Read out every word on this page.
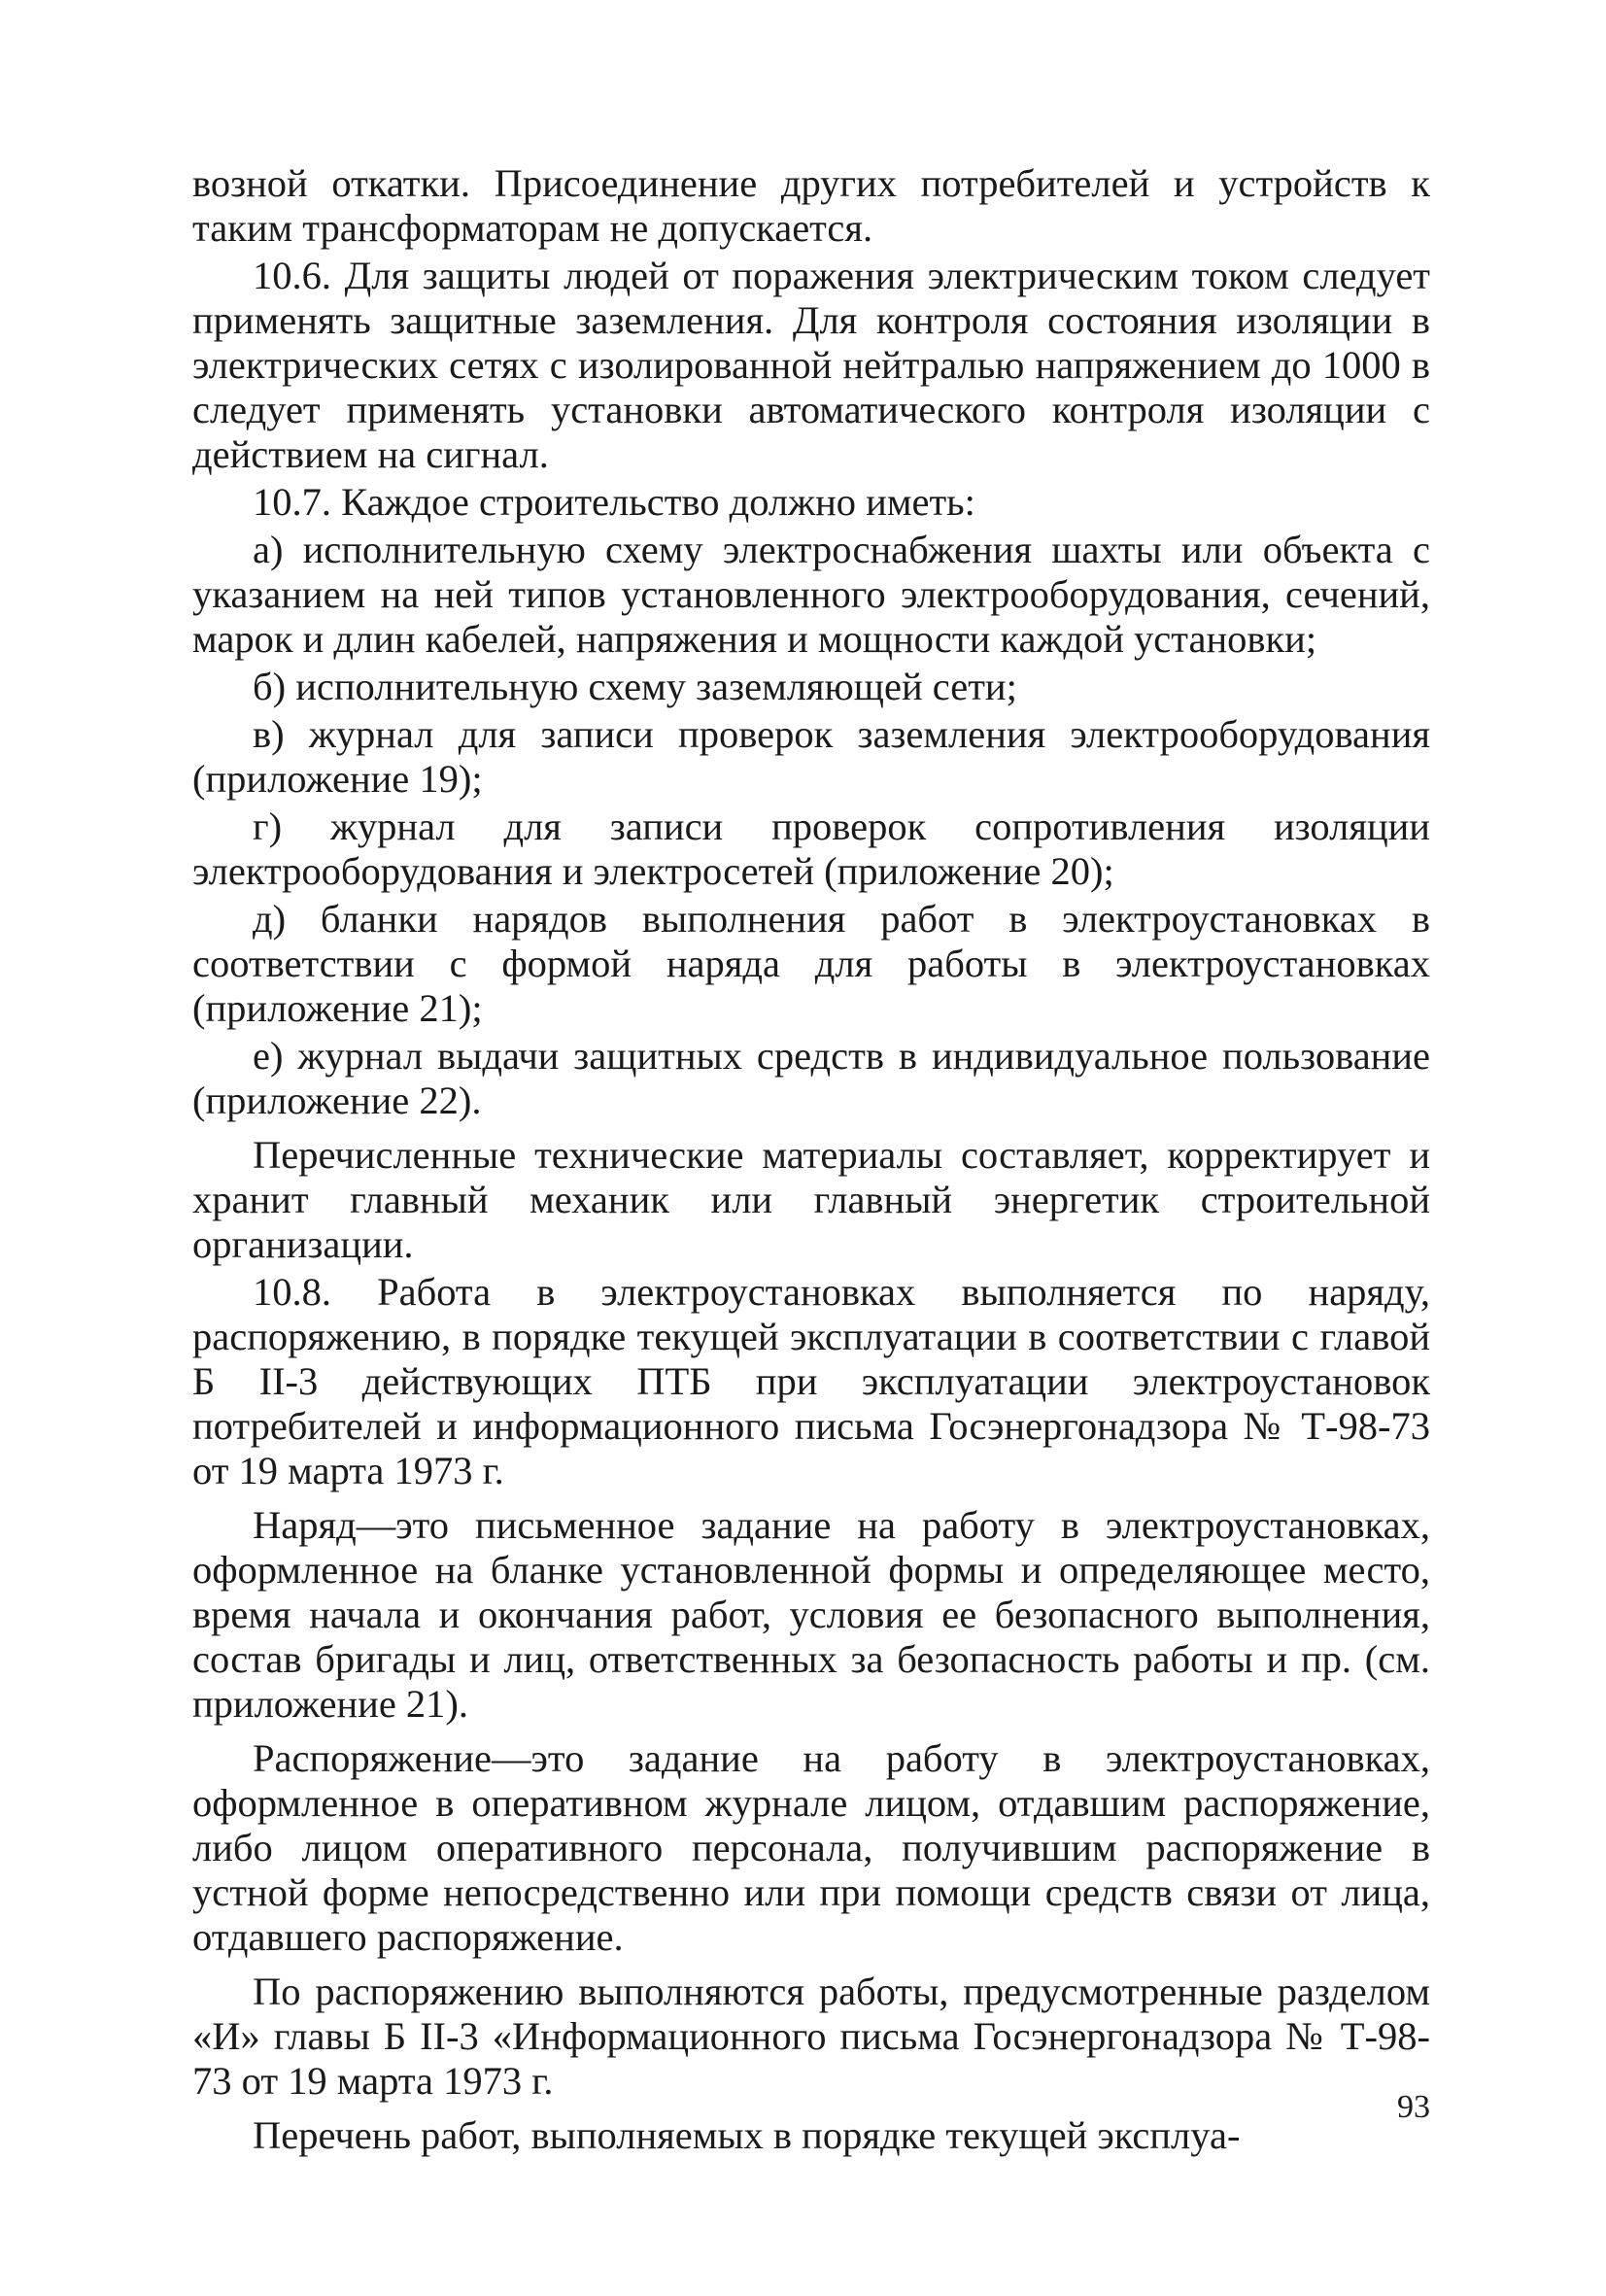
возной откатки. Присоединение других потребителей и устройств к таким трансформаторам не допускается.

10.6. Для защиты людей от поражения электрическим током следует применять защитные заземления. Для контроля состояния изоляции в электрических сетях с изолированной нейтралью напряжением до 1000 в следует применять установки автоматического контроля изоляции с действием на сигнал.

10.7. Каждое строительство должно иметь:

а) исполнительную схему электроснабжения шахты или объекта с указанием на ней типов установленного электрооборудования, сечений, марок и длин кабелей, напряжения и мощности каждой установки;

б) исполнительную схему заземляющей сети;

в) журнал для записи проверок заземления электрооборудования (приложение 19);

г) журнал для записи проверок сопротивления изоляции электрооборудования и электросетей (приложение 20);

д) бланки нарядов выполнения работ в электроустановках в соответствии с формой наряда для работы в электроустановках (приложение 21);

е) журнал выдачи защитных средств в индивидуальное пользование (приложение 22).

Перечисленные технические материалы составляет, корректирует и хранит главный механик или главный энергетик строительной организации.

10.8. Работа в электроустановках выполняется по наряду, распоряжению, в порядке текущей эксплуатации в соответствии с главой Б II-3 действующих ПТБ при эксплуатации электроустановок потребителей и информационного письма Госэнергонадзора № Т-98-73 от 19 марта 1973 г.

Наряд—это письменное задание на работу в электроустановках, оформленное на бланке установленной формы и определяющее место, время начала и окончания работ, условия ее безопасного выполнения, состав бригады и лиц, ответственных за безопасность работы и пр. (см. приложение 21).

Распоряжение—это задание на работу в электроустановках, оформленное в оперативном журнале лицом, отдавшим распоряжение, либо лицом оперативного персонала, получившим распоряжение в устной форме непосредственно или при помощи средств связи от лица, отдавшего распоряжение.

По распоряжению выполняются работы, предусмотренные разделом «И» главы Б II-3 «Информационного письма Госэнергонадзора № Т-98-73 от 19 марта 1973 г.

Перечень работ, выполняемых в порядке текущей эксплуа-

93
